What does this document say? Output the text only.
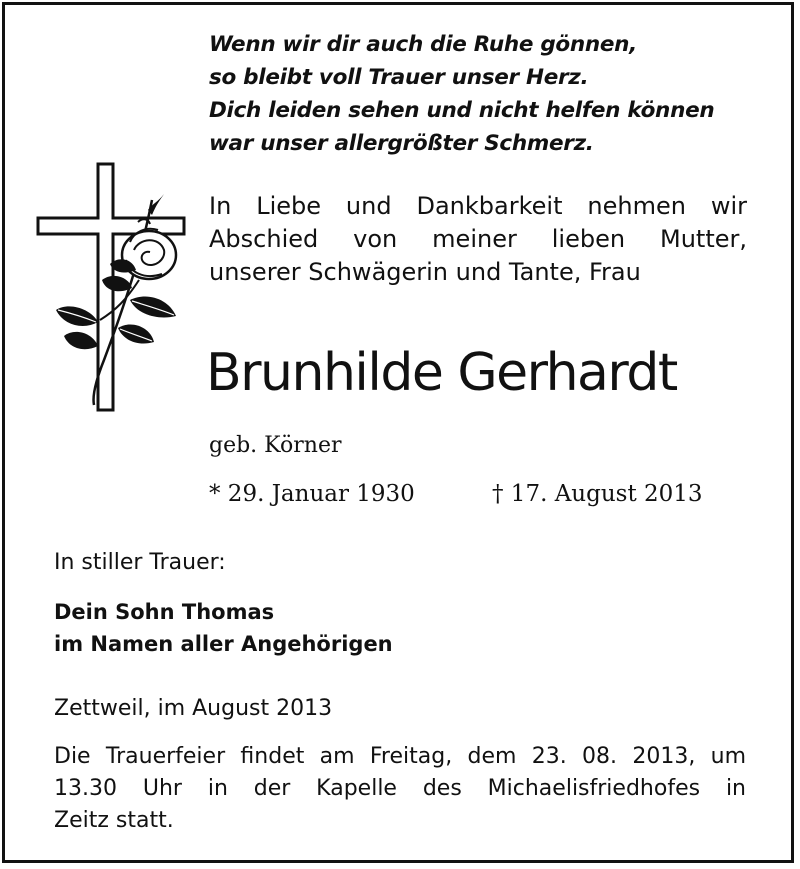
Wenn wir dir auch die Ruhe gönnen,
so bleibt voll Trauer unser Herz.
Dich leiden sehen und nicht helfen können
war unser allergrößter Schmerz.
In Liebe und Dankbarkeit nehmen wir
Abschied von meiner lieben Mutter,
unserer Schwägerin und Tante, Frau
Brunhilde Gerhardt
geb. Körner
* 29. Januar 1930	† 17. August 2013
In stiller Trauer:
Dein Sohn Thomas
im Namen aller Angehörigen
Zettweil, im August 2013
Die Trauerfeier findet am Freitag, dem 23. 08. 2013, um
13.30 Uhr in der Kapelle des Michaelisfriedhofes in
Zeitz statt.
